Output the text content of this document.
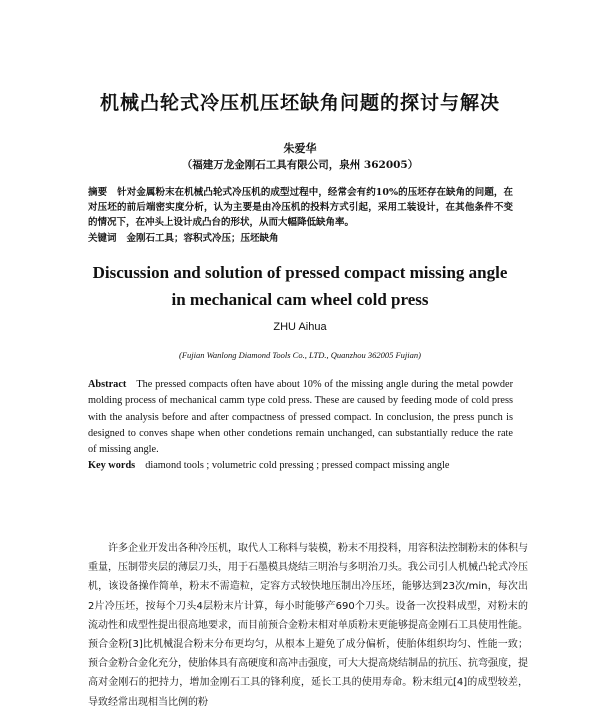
机械凸轮式冷压机压坯缺角问题的探讨与解决
朱爱华
（福建万龙金刚石工具有限公司，泉州 362005）
摘要 针对金属粉末在机械凸轮式冷压机的成型过程中，经常会有约10%的压坯存在缺角的问题，在对压坯的前后端密实度分析，认为主要是由冷压机的投料方式引起，采用工装设计，在其他条件不变的情况下，在冲头上设计成凸台的形状，从而大幅降低缺角率。
关键词 金刚石工具；容积式冷压；压坯缺角
Discussion and solution of pressed compact missing angle
in mechanical cam wheel cold press
ZHU Aihua
(Fujian Wanlong Diamond Tools Co., LTD., Quanzhou 362005 Fujian)
Abstract The pressed compacts often have about 10% of the missing angle during the metal powder molding process of mechanical camm type cold press. These are caused by feeding mode of cold press with the analysis before and after compactness of pressed compact. In conclusion, the press punch is designed to conves shape when other condetions remain unchanged, can substantially reduce the rate of missing angle.
Key words diamond tools ; volumetric cold pressing ; pressed compact missing angle
许多企业开发出各种冷压机，取代人工称料与装模，粉末不用投料，用容积法控制粉末的体积与重量，压制带夹层的薄层刀头，用于石墨模具烧结三明治与多明治刀头。我公司引人机械凸轮式冷压机，该设备操作简单，粉末不需造粒，定容方式较快地压制出冷压坯，能够达到23次/min，每次出2片冷压坯，按每个刀头4层粉末片计算，每小时能够产690个刀头。设备一次投料成型，对粉末的流动性和成型性提出很高地要求，而目前预合金粉末相对单质粉末更能够提高金刚石工具使用性能。预合金粉[3]比机械混合粉末分布更均匀，从根本上避免了成分偏析，使胎体组织均匀、性能一致；预合金粉合金化充分，使胎体具有高硬度和高冲击强度，可大大提高烧结制品的抗压、抗弯强度，提高对金刚石的把持力，增加金刚石工具的锋利度，延长工具的使用寿命。粉末组元[4]的成型较差，导致经常出现相当比例的粉
